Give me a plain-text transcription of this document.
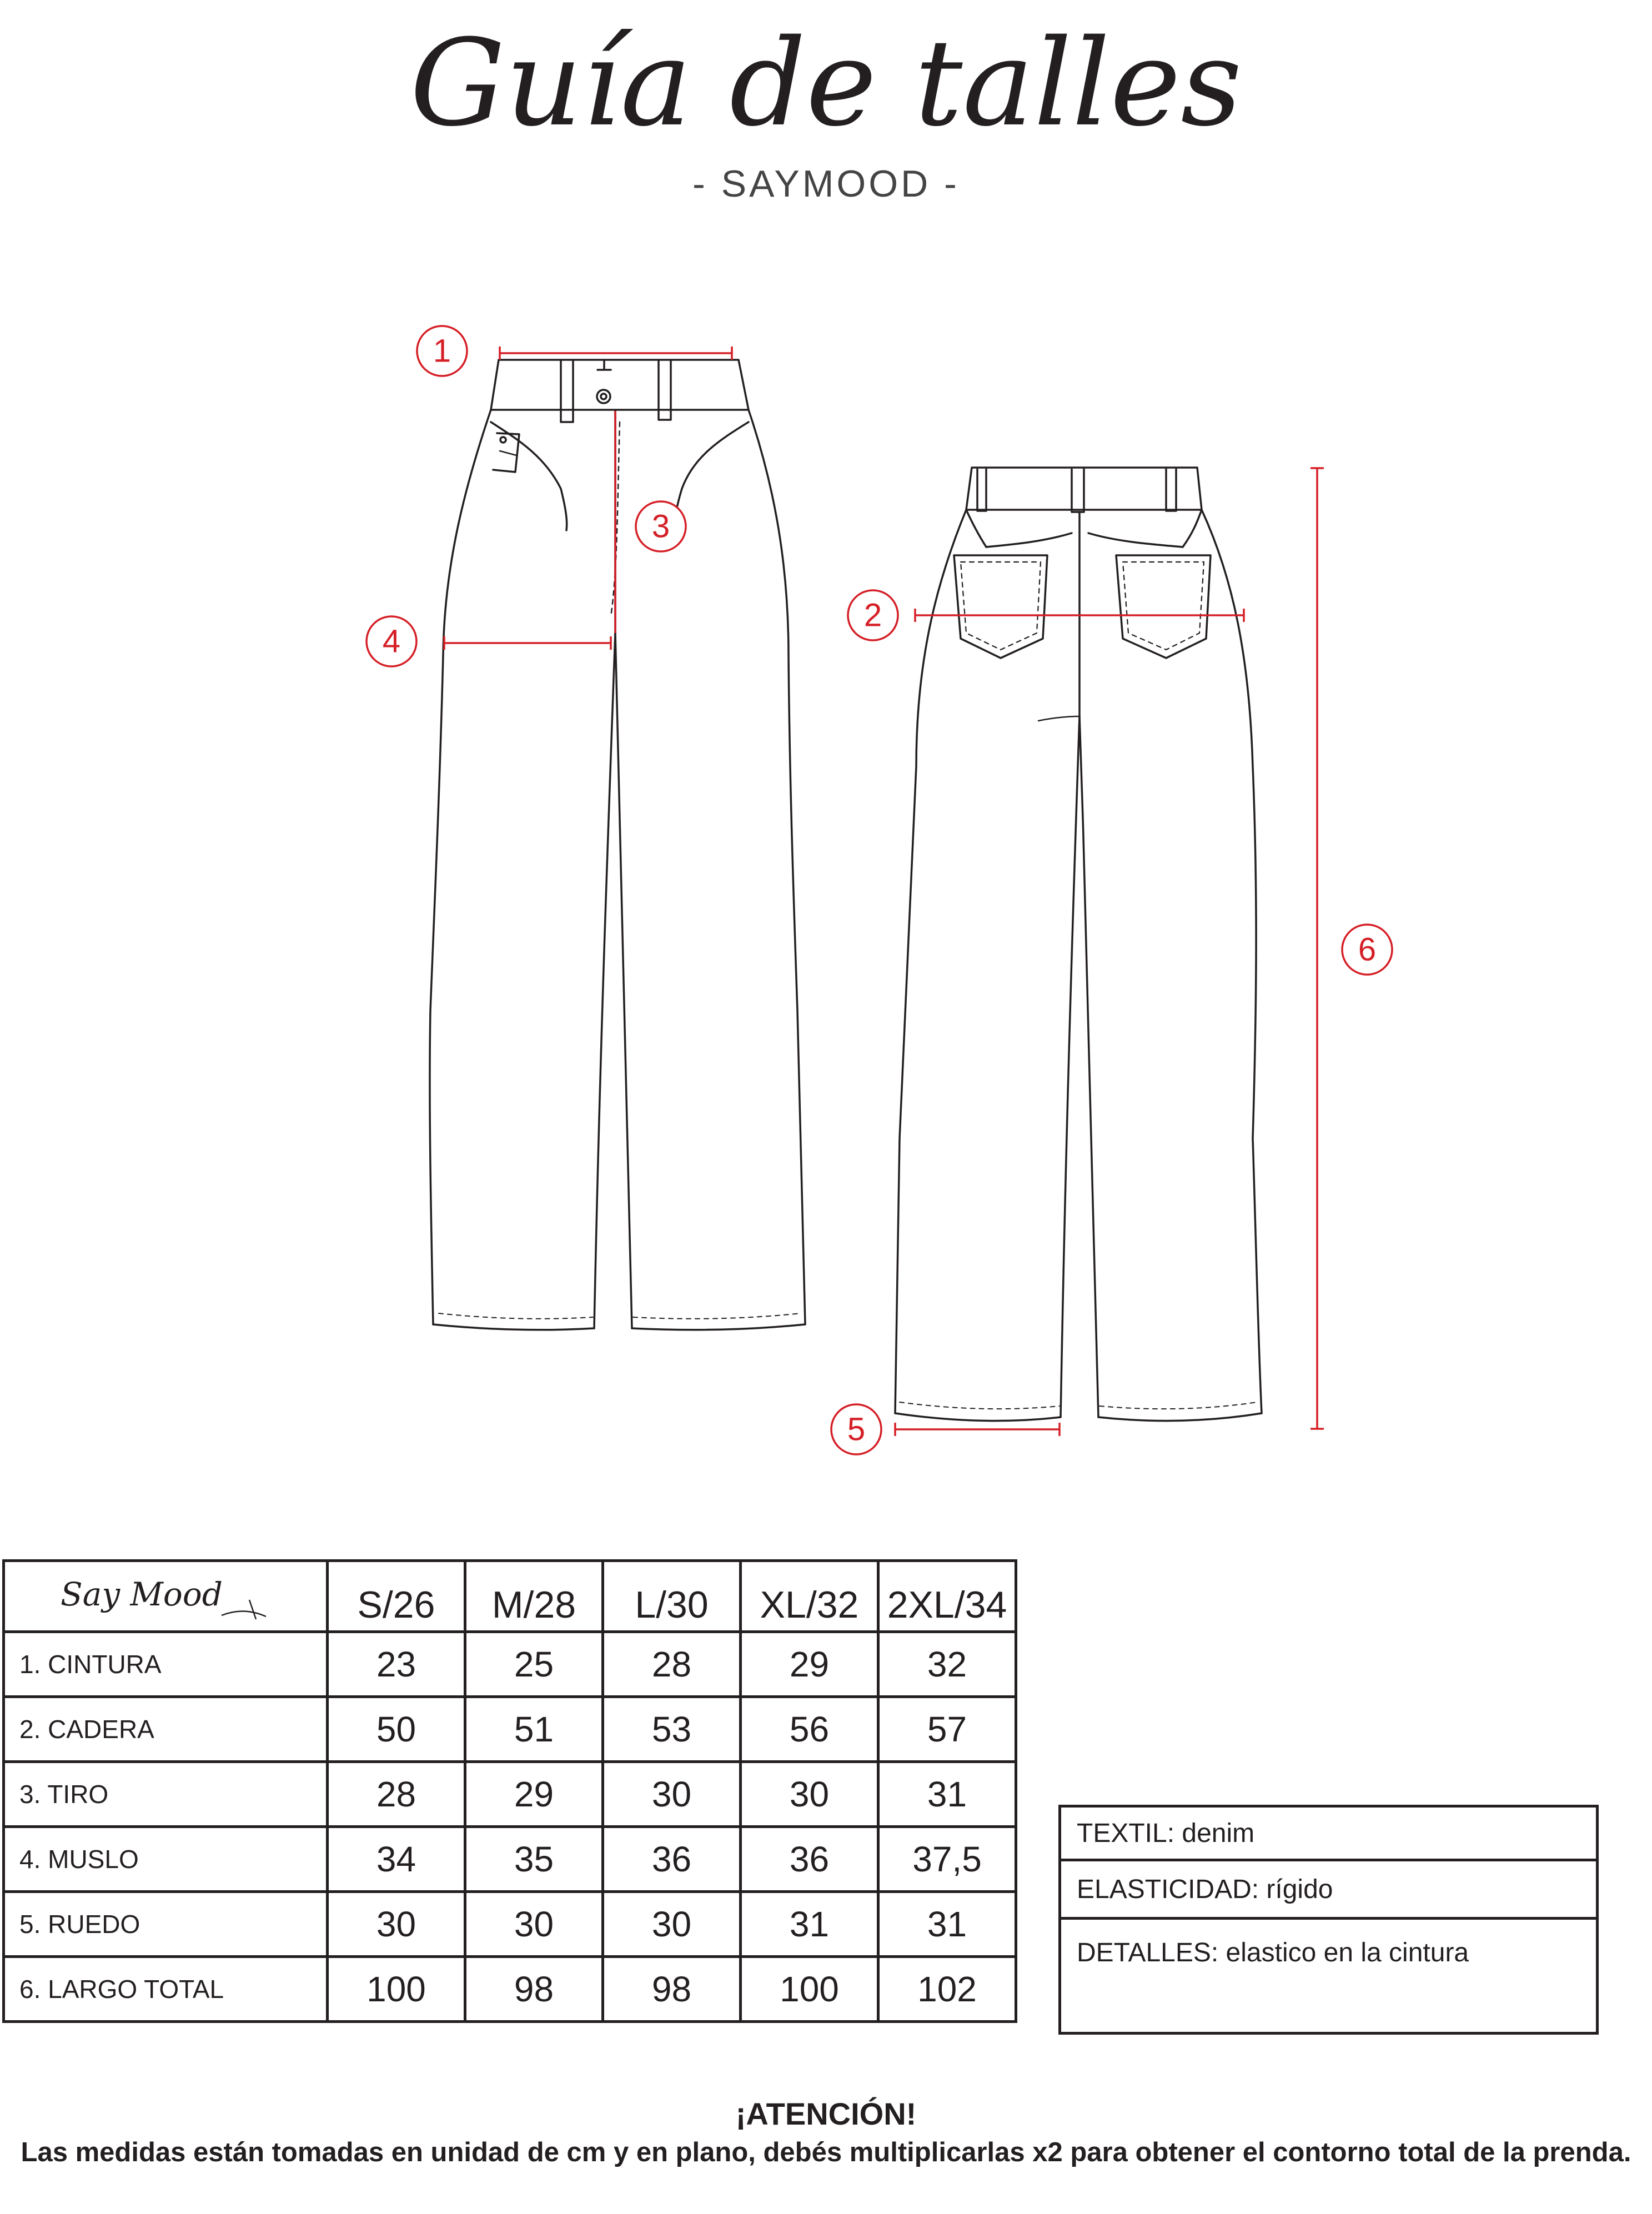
Guía de talles
- SAYMOOD -
1
2
3
4
5
6
Say Mood	S/26	M/28	L/30	XL/32	2XL/34
1. CINTURA	23	25	28	29	32
2. CADERA	50	51	53	56	57
3. TIRO	28	29	30	30	31
4. MUSLO	34	35	36	36	37,5
5. RUEDO	30	30	30	31	31
6. LARGO TOTAL	100	98	98	100	102
TEXTIL: denim
ELASTICIDAD: rígido
DETALLES: elastico en la cintura
¡ATENCIÓN!
Las medidas están tomadas en unidad de cm y en plano, debés multiplicarlas x2 para obtener el contorno total de la prenda.
